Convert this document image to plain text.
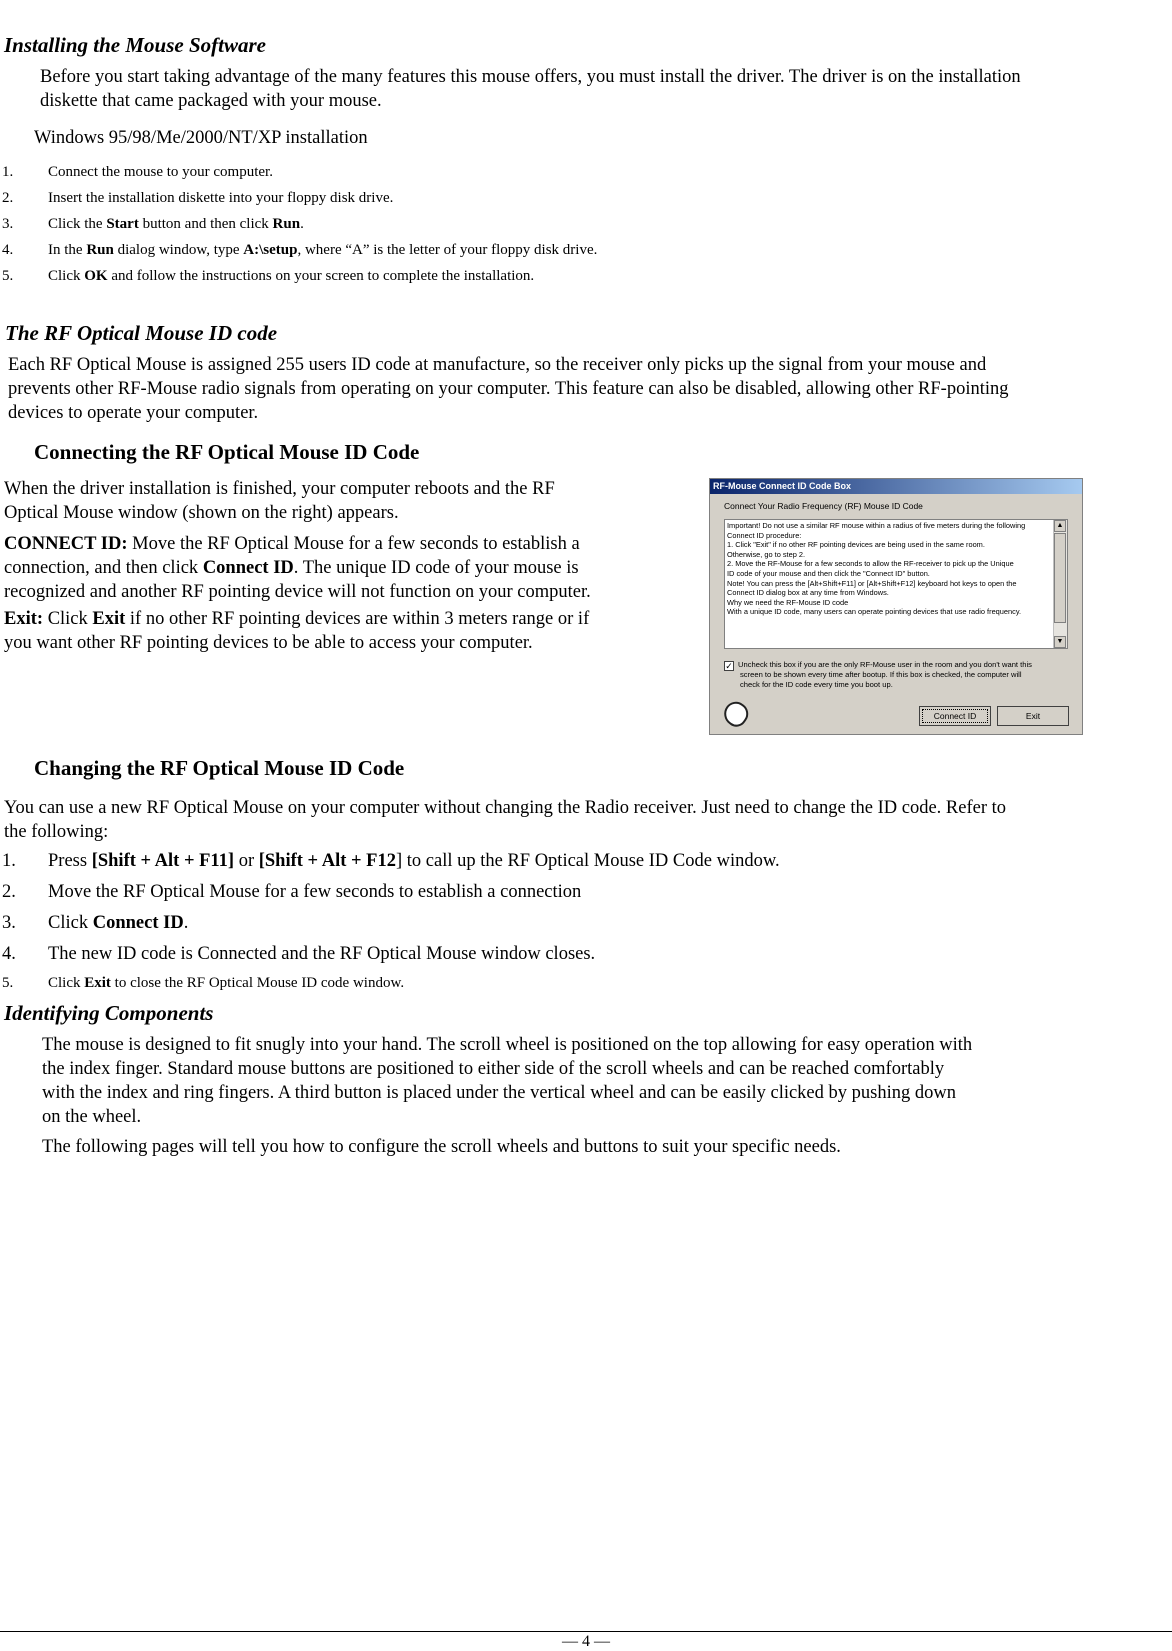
Installing the Mouse Software

Before you start taking advantage of the many features this mouse offers, you must install the driver. The driver is on the installation

diskette that came packaged with your mouse.

Windows 95/98/Me/2000/NT/XP installation

1. Connect the mouse to your computer.
2. Insert the installation diskette into your floppy disk drive.
3. Click the Start button and then click Run.
4. In the Run dialog window, type A:\setup, where “A” is the letter of your floppy disk drive.
5. Click OK and follow the instructions on your screen to complete the installation.
The RF Optical Mouse ID code

Each RF Optical Mouse is assigned 255 users ID code at manufacture, so the receiver only picks up the signal from your mouse and

prevents other RF-Mouse radio signals from operating on your computer. This feature can also be disabled, allowing other RF-pointing

devices to operate your computer.

Connecting the RF Optical Mouse ID Code

When the driver installation is finished, your computer reboots and the RF

Optical Mouse window (shown on the right) appears.

CONNECT ID: Move the RF Optical Mouse for a few seconds to establish a

connection, and then click Connect ID. The unique ID code of your mouse is

recognized and another RF pointing device will not function on your computer.

Exit: Click Exit if no other RF pointing devices are within 3 meters range or if

you want other RF pointing devices to be able to access your computer.

RF-Mouse Connect ID Code Box
Connect Your Radio Frequency (RF) Mouse ID Code
Important! Do not use a similar RF mouse within a radius of five meters during the following
Connect ID procedure:
1. Click "Exit" if no other RF pointing devices are being used in the same room.
Otherwise, go to step 2.
2. Move the RF-Mouse for a few seconds to allow the RF-receiver to pick up the Unique
ID code of your mouse and then click the "Connect ID" button.
Note! You can press the [Alt+Shift+F11] or [Alt+Shift+F12] keyboard hot keys to open the
Connect ID dialog box at any time from Windows.
Why we need the RF-Mouse ID code
With a unique ID code, many users can operate pointing devices that use radio frequency.
▲
▼
✓ Uncheck this box if you are the only RF-Mouse user in the room and you don't want this
screen to be shown every time after bootup. If this box is checked, the computer will
check for the ID code every time you boot up.
Connect ID	Exit
Changing the RF Optical Mouse ID Code

You can use a new RF Optical Mouse on your computer without changing the Radio receiver. Just need to change the ID code. Refer to

the following:

1. Press [Shift + Alt + F11] or [Shift + Alt + F12] to call up the RF Optical Mouse ID Code window.
2. Move the RF Optical Mouse for a few seconds to establish a connection
3. Click Connect ID.
4. The new ID code is Connected and the RF Optical Mouse window closes.
5. Click Exit to close the RF Optical Mouse ID code window.
Identifying Components

The mouse is designed to fit snugly into your hand. The scroll wheel is positioned on the top allowing for easy operation with

the index finger. Standard mouse buttons are positioned to either side of the scroll wheels and can be reached comfortably

with the index and ring fingers. A third button is placed under the vertical wheel and can be easily clicked by pushing down

on the wheel.

The following pages will tell you how to configure the scroll wheels and buttons to suit your specific needs.

— 4 —
